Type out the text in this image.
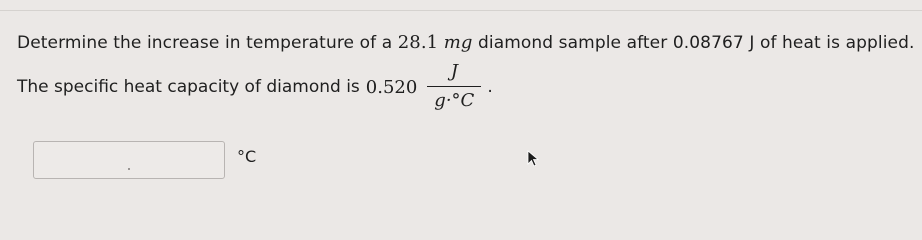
Determine the increase in temperature of a 28.1 mg diamond sample after 0.08767 J of heat is applied.
The specific heat capacity of diamond is $0.520 \frac{J}{g\cdot^\circ C}$ .
°C
